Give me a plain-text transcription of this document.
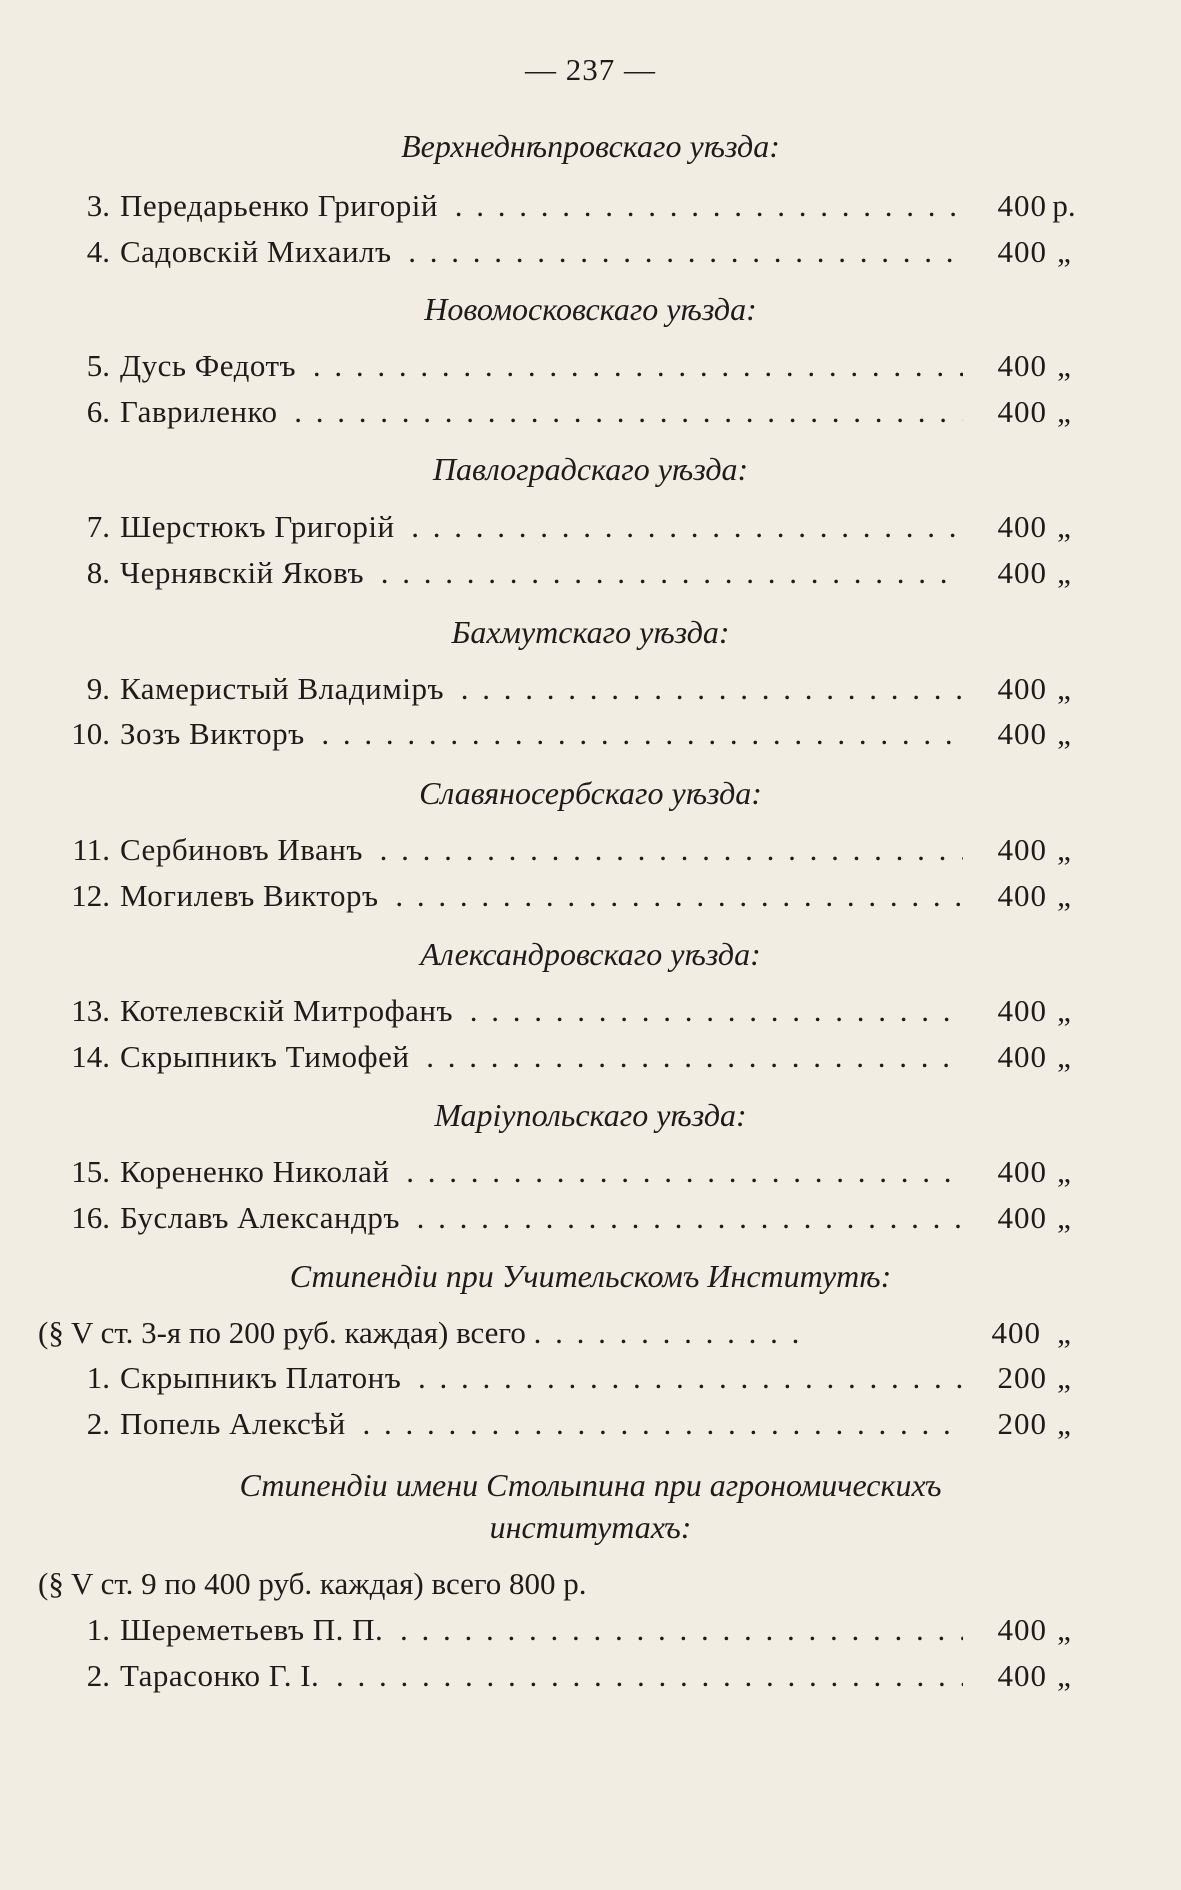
— 237 —
Верхнеднѣпровскаго уѣзда:
3. Передарьенко Григорій . . .	400 р.
4. Садовскій Михаилъ . . .	400 „
Новомосковскаго уѣзда:
5. Дусь Федотъ . . .	400 „
6. Гавриленко . . .	400 „
Павлоградскаго уѣзда:
7. Шерстюкъ Григорій . . .	400 „
8. Чернявскій Яковъ . . .	400 „
Бахмутскаго уѣзда:
9. Камеристый Владиміръ . . .	400 „
10. Зозъ Викторъ . . .	400 „
Славяносербскаго уѣзда:
11. Сербиновъ Иванъ . . .	400 „
12. Могилевъ Викторъ . . .	400 „
Александровскаго уѣзда:
13. Котелевскій Митрофанъ . . .	400 „
14. Скрыпникъ Тимофей . . .	400 „
Маріупольскаго уѣзда:
15. Корененко Николай . . .	400 „
16. Буславъ Александръ . . .	400 „
Стипендіи при Учительскомъ Институтѣ:
(§ V ст. 3-я по 200 руб. каждая) всего . . .	400 „
1. Скрыпникъ Платонъ . . .	200 „
2. Попель Алексѣй . . .	200 „
Стипендіи имени Столыпина при агрономическихъ
институтахъ:
(§ V ст. 9 по 400 руб. каждая) всего 800 р.
1. Шереметьевъ П. П. . . .	400 „
2. Тарасонко Г. І. . . .	400 „
